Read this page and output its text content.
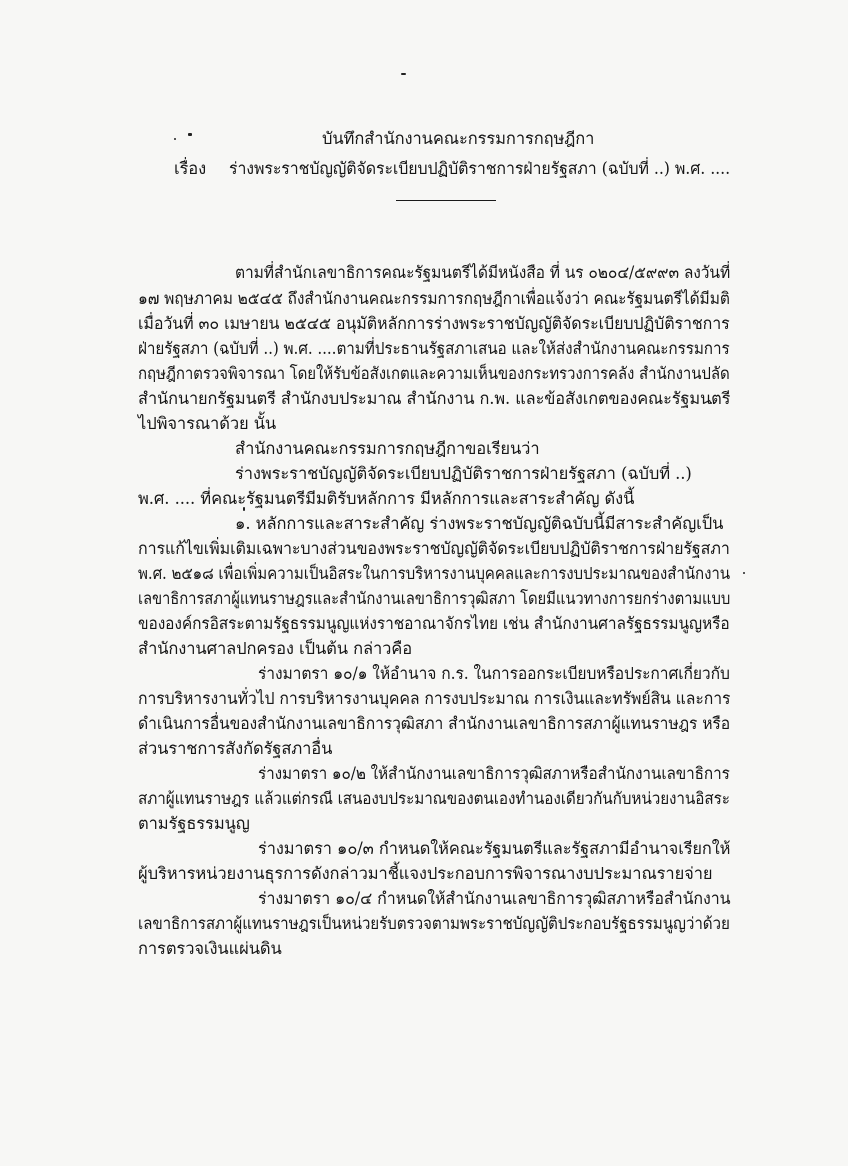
บันทึกสำนักงานคณะกรรมการกฤษฎีกา
เรื่อง ร่างพระราชบัญญัติจัดระเบียบปฏิบัติราชการฝ่ายรัฐสภา (ฉบับที่ ..) พ.ศ. ....
ตามที่สำนักเลขาธิการคณะรัฐมนตรีได้มีหนังสือ ที่ นร ๐๒๐๔/๕๙๙๓ ลงวันที่
๑๗ พฤษภาคม ๒๕๔๕ ถึงสำนักงานคณะกรรมการกฤษฎีกาเพื่อแจ้งว่า คณะรัฐมนตรีได้มีมติ
เมื่อวันที่ ๓๐ เมษายน ๒๕๔๕ อนุมัติหลักการร่างพระราชบัญญัติจัดระเบียบปฏิบัติราชการ
ฝ่ายรัฐสภา (ฉบับที่ ..) พ.ศ. ....ตามที่ประธานรัฐสภาเสนอ และให้ส่งสำนักงานคณะกรรมการ
กฤษฎีกาตรวจพิจารณา โดยให้รับข้อสังเกตและความเห็นของกระทรวงการคลัง สำนักงานปลัด
สำนักนายกรัฐมนตรี สำนักงบประมาณ สำนักงาน ก.พ. และข้อสังเกตของคณะรัฐมนตรี
ไปพิจารณาด้วย นั้น
สำนักงานคณะกรรมการกฤษฎีกาขอเรียนว่า
ร่างพระราชบัญญัติจัดระเบียบปฏิบัติราชการฝ่ายรัฐสภา (ฉบับที่ ..)
พ.ศ. .... ที่คณะรัฐมนตรีมีมติรับหลักการ มีหลักการและสาระสำคัญ ดังนี้
๑. หลักการและสาระสำคัญ ร่างพระราชบัญญัติฉบับนี้มีสาระสำคัญเป็น
การแก้ไขเพิ่มเติมเฉพาะบางส่วนของพระราชบัญญัติจัดระเบียบปฏิบัติราชการฝ่ายรัฐสภา
พ.ศ. ๒๕๑๘ เพื่อเพิ่มความเป็นอิสระในการบริหารงานบุคคลและการงบประมาณของสำนักงาน
เลขาธิการสภาผู้แทนราษฎรและสำนักงานเลขาธิการวุฒิสภา โดยมีแนวทางการยกร่างตามแบบ
ขององค์กรอิสระตามรัฐธรรมนูญแห่งราชอาณาจักรไทย เช่น สำนักงานศาลรัฐธรรมนูญหรือ
สำนักงานศาลปกครอง เป็นต้น กล่าวคือ
ร่างมาตรา ๑๐/๑ ให้อำนาจ ก.ร. ในการออกระเบียบหรือประกาศเกี่ยวกับ
การบริหารงานทั่วไป การบริหารงานบุคคล การงบประมาณ การเงินและทรัพย์สิน และการ
ดำเนินการอื่นของสำนักงานเลขาธิการวุฒิสภา สำนักงานเลขาธิการสภาผู้แทนราษฎร หรือ
ส่วนราชการสังกัดรัฐสภาอื่น
ร่างมาตรา ๑๐/๒ ให้สำนักงานเลขาธิการวุฒิสภาหรือสำนักงานเลขาธิการ
สภาผู้แทนราษฎร แล้วแต่กรณี เสนองบประมาณของตนเองทำนองเดียวกันกับหน่วยงานอิสระ
ตามรัฐธรรมนูญ
ร่างมาตรา ๑๐/๓ กำหนดให้คณะรัฐมนตรีและรัฐสภามีอำนาจเรียกให้
ผู้บริหารหน่วยงานธุรการดังกล่าวมาชี้แจงประกอบการพิจารณางบประมาณรายจ่าย
ร่างมาตรา ๑๐/๔ กำหนดให้สำนักงานเลขาธิการวุฒิสภาหรือสำนักงาน
เลขาธิการสภาผู้แทนราษฎรเป็นหน่วยรับตรวจตามพระราชบัญญัติประกอบรัฐธรรมนูญว่าด้วย
การตรวจเงินแผ่นดิน
